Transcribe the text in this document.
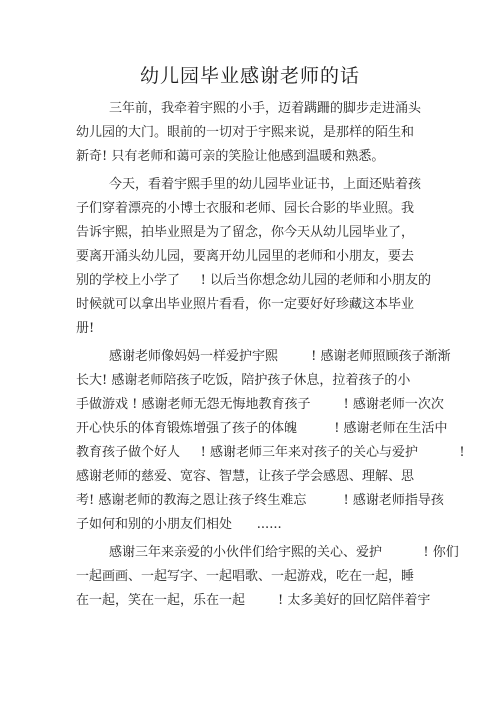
幼儿园毕业感谢老师的话
三年前，我牵着宇熙的小手，迈着蹒跚的脚步走进涌头
幼儿园的大门。眼前的一切对于宇熙来说，是那样的陌生和
新奇! 只有老师和蔼可亲的笑脸让他感到温暖和熟悉。
今天，看着宇熙手里的幼儿园毕业证书，上面还贴着孩
子们穿着漂亮的小博士衣服和老师、园长合影的毕业照。我
告诉宇熙，拍毕业照是为了留念，你今天从幼儿园毕业了，
要离开涌头幼儿园，要离开幼儿园里的老师和小朋友，要去
别的学校上小学了     ! 以后当你想念幼儿园的老师和小朋友的
时候就可以拿出毕业照片看看，你一定要好好珍藏这本毕业
册!
感谢老师像妈妈一样爱护宇熙        ! 感谢老师照顾孩子渐渐
长大! 感谢老师陪孩子吃饭，陪护孩子休息，拉着孩子的小
手做游戏 ! 感谢老师无怨无悔地教育孩子        ! 感谢老师一次次
开心快乐的体育锻炼增强了孩子的体魄         ! 感谢老师在生活中
教育孩子做个好人     ! 感谢老师三年来对孩子的关心与爱护          !
感谢老师的慈爱、宽容、智慧，让孩子学会感恩、理解、思
考! 感谢老师的教海之恩让孩子终生难忘         ! 感谢老师指导孩
子如何和别的小朋友们相处      ......
感谢三年来亲爱的小伙伴们给宇熙的关心、爱护          ! 你们
一起画画、一起写字、一起唱歌、一起游戏，吃在一起，睡
在一起，笑在一起，乐在一起        ! 太多美好的回忆陪伴着宇
